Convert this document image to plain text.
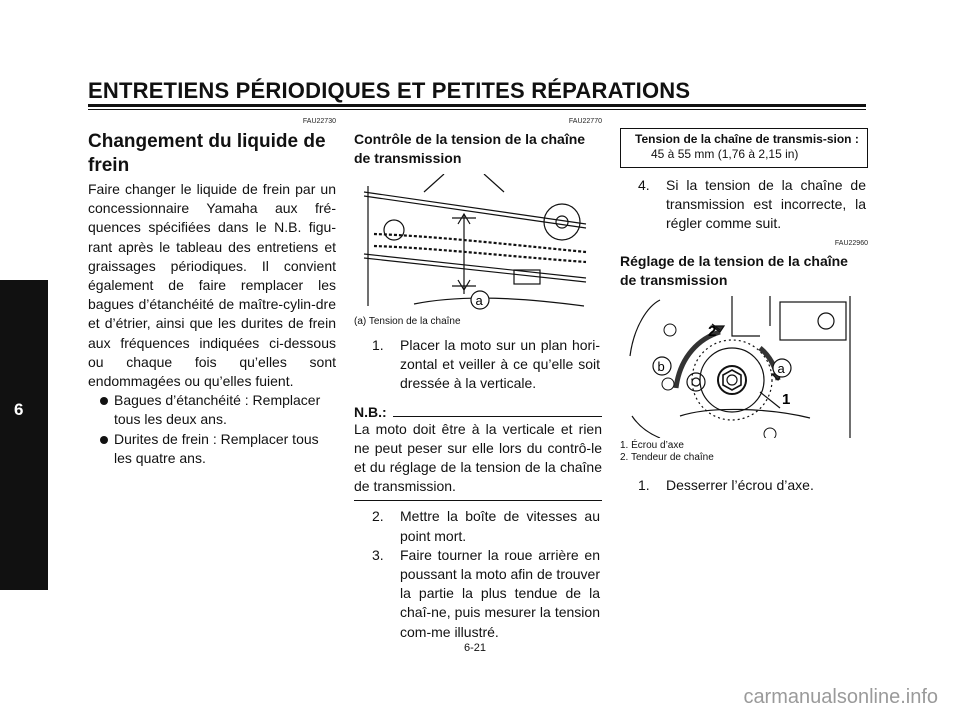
ENTRETIENS PÉRIODIQUES ET PETITES RÉPARATIONS
6
FAU22730
Changement du liquide de
frein
Faire changer le liquide de frein par un concessionnaire Yamaha aux fré-quences spécifiées dans le N.B. figu-rant après le tableau des entretiens et graissages périodiques. Il convient également de faire remplacer les bagues d’étanchéité de maître-cylin-dre et d’étrier, ainsi que les durites de frein aux fréquences indiquées ci-dessous ou chaque fois qu’elles sont endommagées ou qu’elles fuient.
Bagues d’étanchéité : Remplacer tous les deux ans.
Durites de frein : Remplacer tous les quatre ans.
FAU22770
Contrôle de la tension de la chaîne
de transmission
a
(a) Tension de la chaîne
1. Placer la moto sur un plan hori-zontal et veiller à ce qu’elle soit dressée à la verticale.
N.B.:
La moto doit être à la verticale et rien ne peut peser sur elle lors du contrô-le et du réglage de la tension de la chaîne de transmission.
2. Mettre la boîte de vitesses au point mort.
3. Faire tourner la roue arrière en poussant la moto afin de trouver la partie la plus tendue de la chaî-ne, puis mesurer la tension com-me illustré.
Tension de la chaîne de transmis-sion :
45 à 55 mm (1,76 à 2,15 in)
4. Si la tension de la chaîne de transmission est incorrecte, la régler comme suit.
FAU22960
Réglage de la tension de la chaîne
de transmission
b	a
2
1
1. Écrou d’axe
2. Tendeur de chaîne
1. Desserrer l’écrou d’axe.
6-21
carmanualsonline.info
